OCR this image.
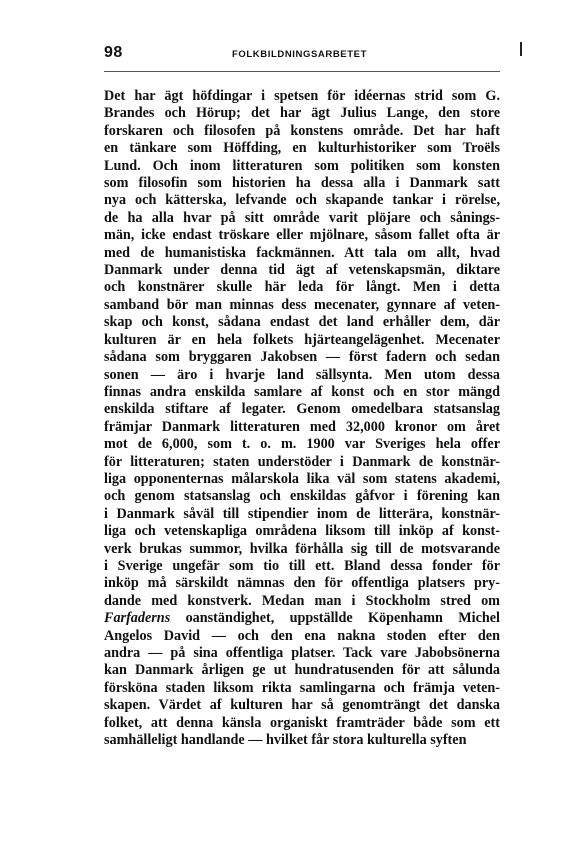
98	FOLKBILDNINGSARBETET
Det har ägt höfdingar i spetsen för idéernas strid som G.
Brandes och Hörup; det har ägt Julius Lange, den store
forskaren och filosofen på konstens område. Det har haft
en tänkare som Höffding, en kulturhistoriker som Troëls
Lund. Och inom litteraturen som politiken som konsten
som filosofin som historien ha dessa alla i Danmark satt
nya och kätterska, lefvande och skapande tankar i rörelse,
de ha alla hvar på sitt område varit plöjare och sånings-
män, icke endast tröskare eller mjölnare, såsom fallet ofta är
med de humanistiska fackmännen. Att tala om allt, hvad
Danmark under denna tid ägt af vetenskapsmän, diktare
och konstnärer skulle här leda för långt. Men i detta
samband bör man minnas dess mecenater, gynnare af veten-
skap och konst, sådana endast det land erhåller dem, där
kulturen är en hela folkets hjärteangelägenhet. Mecenater
sådana som bryggaren Jakobsen — först fadern och sedan
sonen — äro i hvarje land sällsynta. Men utom dessa
finnas andra enskilda samlare af konst och en stor mängd
enskilda stiftare af legater. Genom omedelbara statsanslag
främjar Danmark litteraturen med 32,000 kronor om året
mot de 6,000, som t. o. m. 1900 var Sveriges hela offer
för litteraturen; staten understöder i Danmark de konstnär-
liga opponenternas målarskola lika väl som statens akademi,
och genom statsanslag och enskildas gåfvor i förening kan
i Danmark såväl till stipendier inom de litterära, konstnär-
liga och vetenskapliga områdena liksom till inköp af konst-
verk brukas summor, hvilka förhålla sig till de motsvarande
i Sverige ungefär som tio till ett. Bland dessa fonder för
inköp må särskildt nämnas den för offentliga platsers pry-
dande med konstverk. Medan man i Stockholm stred om
Farfaderns oanständighet, uppställde Köpenhamn Michel
Angelos David — och den ena nakna stoden efter den
andra — på sina offentliga platser. Tack vare Jabobsönerna
kan Danmark årligen ge ut hundratusenden för att sålunda
försköna staden liksom rikta samlingarna och främja veten-
skapen. Värdet af kulturen har så genomträngt det danska
folket, att denna känsla organiskt framträder både som ett
samhälleligt handlande — hvilket får stora kulturella syften
